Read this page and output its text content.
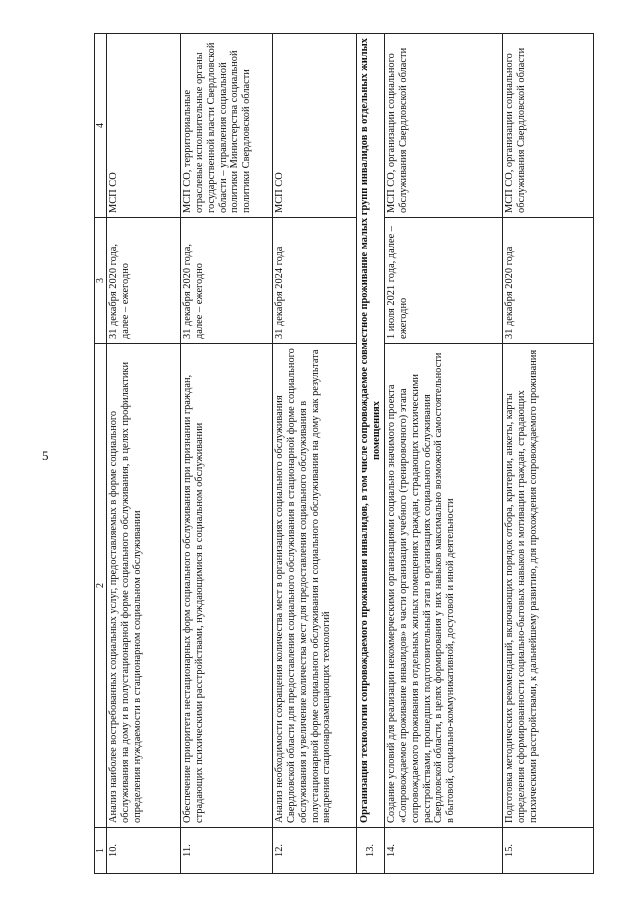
5
1	2	3	4
10.	Анализ наиболее востребованных социальных услуг, предоставляемых в форме социального обслуживания на дому и в полустационарной форме социального обслуживания, в целях профилактики определения нуждаемости в стационарном социальном обслуживании	31 декабря 2020 года, далее – ежегодно	МСП СО
11.	Обеспечение приоритета нестационарных форм социального обслуживания при признании граждан, страдающих психическими расстройствами, нуждающимися в социальном обслуживании	31 декабря 2020 года, далее – ежегодно	МСП СО, территориальные отраслевые исполнительные органы государственной власти Свердловской области – управления социальной политики Министерства социальной политики Свердловской области
12.	Анализ необходимости сокращения количества мест в организациях социального обслуживания Свердловской области для предоставления социального обслуживания в стационарной форме социального обслуживания и увеличение количества мест для предоставления социального обслуживания в полустационарной форме социального обслуживания и социального обслуживания на дому как результата внедрения стационарозамещающих технологий	31 декабря 2024 года	МСП СО
13.	Организация технологии сопровождаемого проживания инвалидов, в том числе сопровождаемое совместное проживание малых групп инвалидов в отдельных жилых помещениях		
14.	Создание условий для реализации некоммерческими организациями социально значимого проекта «Сопровождаемое проживание инвалидов» в части организации учебного (тренировочного) этапа сопровождаемого проживания в отдельных жилых помещениях граждан, страдающих психическими расстройствами, прошедших подготовительный этап в организациях социального обслуживания Свердловской области, в целях формирования у них навыков максимально возможной самостоятельности в бытовой, социально-коммуникативной, досуговой и иной деятельности	1 июля 2021 года, далее – ежегодно	МСП СО, организации социального обслуживания Свердловской области
15.	Подготовка методических рекомендаций, включающих порядок отбора, критерии, анкеты, карты определения сформированности социально-бытовых навыков и мотивации граждан, страдающих психическими расстройствами, к дальнейшему развитию, для прохождения сопровождаемого проживания	31 декабря 2020 года	МСП СО, организации социального обслуживания Свердловской области
